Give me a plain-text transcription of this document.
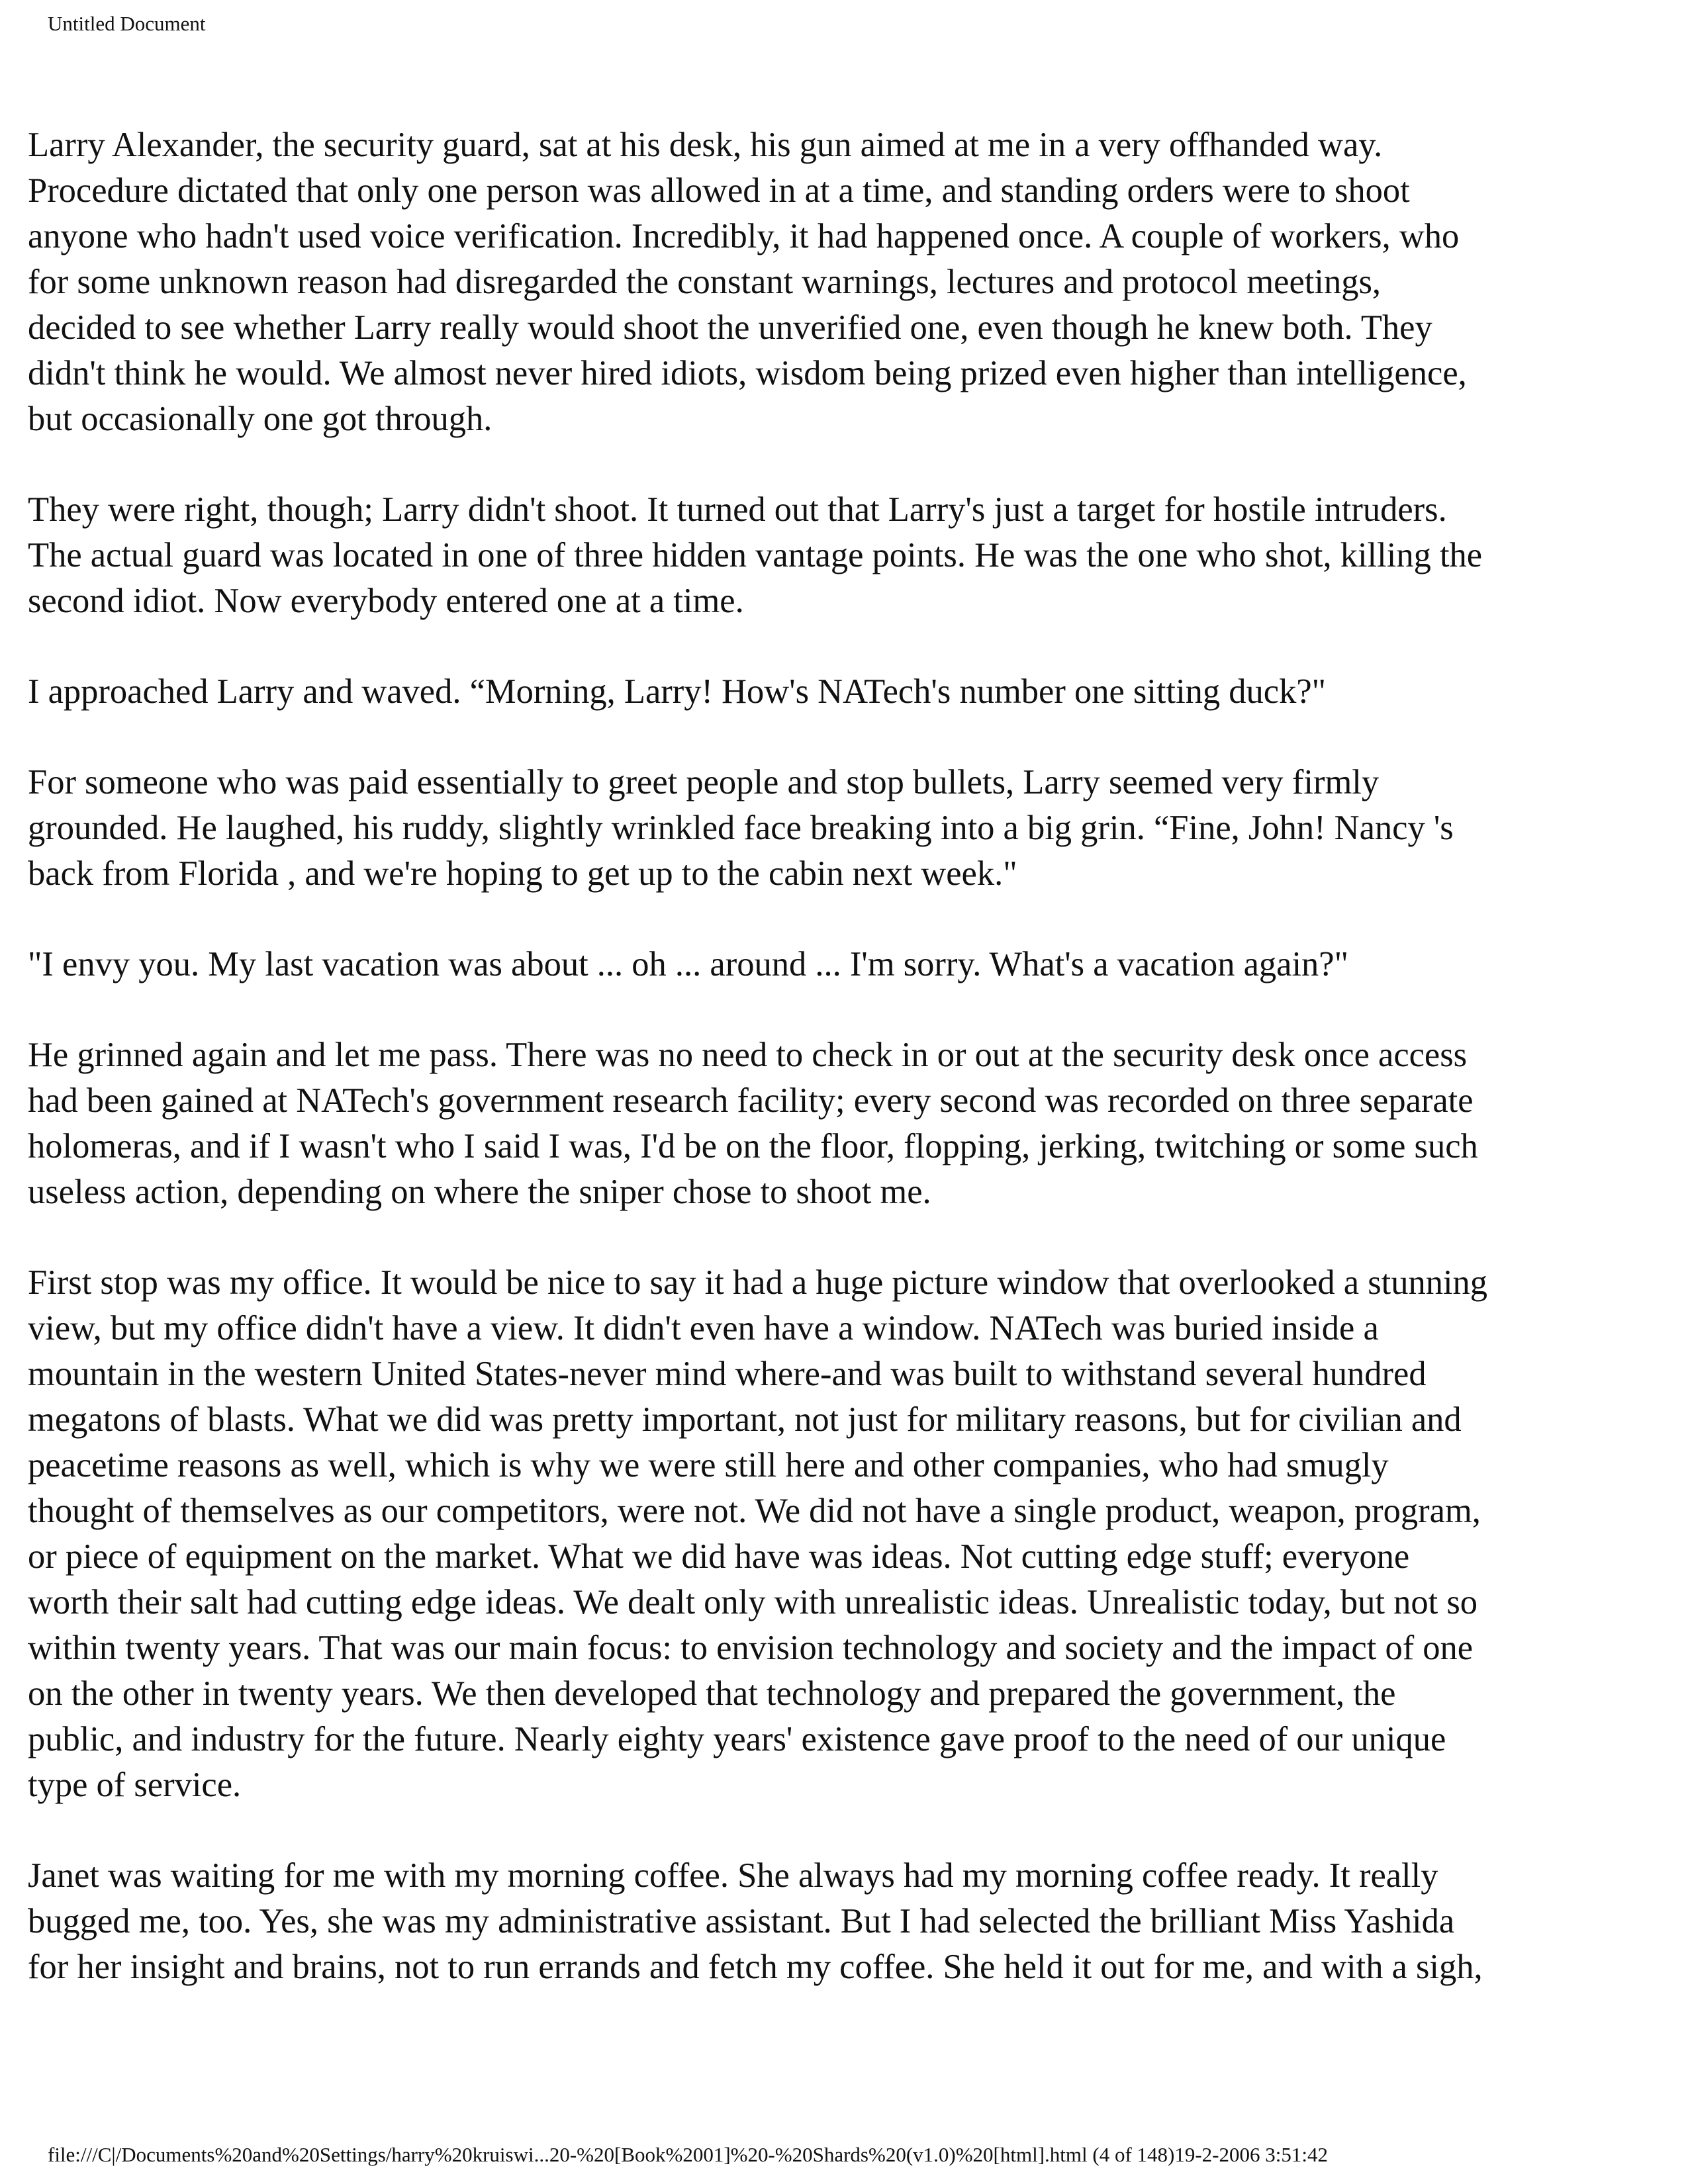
Untitled Document

Larry Alexander, the security guard, sat at his desk, his gun aimed at me in a very offhanded way.
Procedure dictated that only one person was allowed in at a time, and standing orders were to shoot
anyone who hadn't used voice verification. Incredibly, it had happened once. A couple of workers, who
for some unknown reason had disregarded the constant warnings, lectures and protocol meetings,
decided to see whether Larry really would shoot the unverified one, even though he knew both. They
didn't think he would. We almost never hired idiots, wisdom being prized even higher than intelligence,
but occasionally one got through.

They were right, though; Larry didn't shoot. It turned out that Larry's just a target for hostile intruders.
The actual guard was located in one of three hidden vantage points. He was the one who shot, killing the
second idiot. Now everybody entered one at a time.

I approached Larry and waved. “Morning, Larry! How's NATech's number one sitting duck?"

For someone who was paid essentially to greet people and stop bullets, Larry seemed very firmly
grounded. He laughed, his ruddy, slightly wrinkled face breaking into a big grin. “Fine, John! Nancy 's
back from Florida , and we're hoping to get up to the cabin next week."

"I envy you. My last vacation was about ... oh ... around ... I'm sorry. What's a vacation again?"

He grinned again and let me pass. There was no need to check in or out at the security desk once access
had been gained at NATech's government research facility; every second was recorded on three separate
holomeras, and if I wasn't who I said I was, I'd be on the floor, flopping, jerking, twitching or some such
useless action, depending on where the sniper chose to shoot me.

First stop was my office. It would be nice to say it had a huge picture window that overlooked a stunning
view, but my office didn't have a view. It didn't even have a window. NATech was buried inside a
mountain in the western United States-never mind where-and was built to withstand several hundred
megatons of blasts. What we did was pretty important, not just for military reasons, but for civilian and
peacetime reasons as well, which is why we were still here and other companies, who had smugly
thought of themselves as our competitors, were not. We did not have a single product, weapon, program,
or piece of equipment on the market. What we did have was ideas. Not cutting edge stuff; everyone
worth their salt had cutting edge ideas. We dealt only with unrealistic ideas. Unrealistic today, but not so
within twenty years. That was our main focus: to envision technology and society and the impact of one
on the other in twenty years. We then developed that technology and prepared the government, the
public, and industry for the future. Nearly eighty years' existence gave proof to the need of our unique
type of service.

Janet was waiting for me with my morning coffee. She always had my morning coffee ready. It really
bugged me, too. Yes, she was my administrative assistant. But I had selected the brilliant Miss Yashida
for her insight and brains, not to run errands and fetch my coffee. She held it out for me, and with a sigh,

file:///C|/Documents%20and%20Settings/harry%20kruiswi...20-%20[Book%2001]%20-%20Shards%20(v1.0)%20[html].html (4 of 148)19-2-2006 3:51:42
